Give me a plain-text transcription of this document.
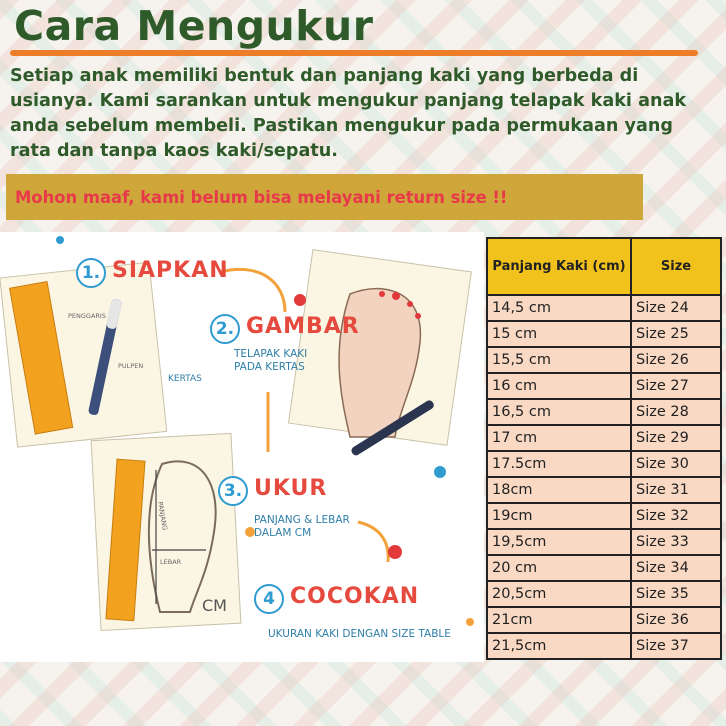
Cara Mengukur
Setiap anak memiliki bentuk dan panjang kaki yang berbeda di usianya. Kami sarankan untuk mengukur panjang telapak kaki anak anda sebelum membeli. Pastikan mengukur pada permukaan yang rata dan tanpa kaos kaki/sepatu.
Mohon maaf, kami belum bisa melayani return size !!
1. SIAPKAN
2. GAMBAR
TELAPAK KAKI
PADA KERTAS
3. UKUR
PANJANG & LEBAR
DALAM CM
4 COCOKAN
UKURAN KAKI DENGAN SIZE TABLE
PENGGARIS
PULPEN
KERTAS
PANJANG
LEBAR
CM
Panjang Kaki (cm)	Size
14,5 cm	Size 24
15 cm	Size 25
15,5 cm	Size 26
16 cm	Size 27
16,5 cm	Size 28
17 cm	Size 29
17.5cm	Size 30
18cm	Size 31
19cm	Size 32
19,5cm	Size 33
20 cm	Size 34
20,5cm	Size 35
21cm	Size 36
21,5cm	Size 37
